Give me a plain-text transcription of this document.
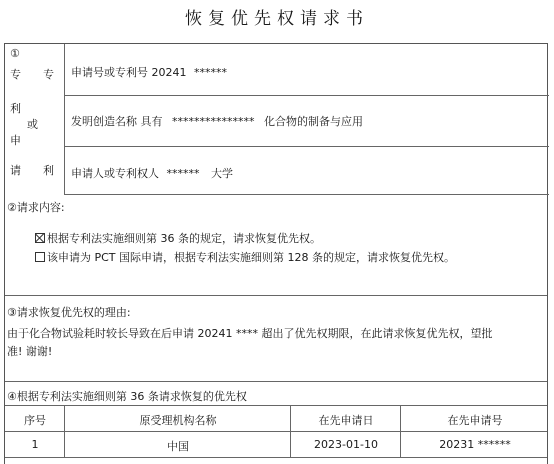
恢复优先权请求书
①
专 专
利
或
申
请 利
申请号或专利号 20241 ******
发明创造名称 具有 *************** 化合物的制备与应用
申请人或专利权人 ****** 大学
②请求内容:
根据专利法实施细则第 36 条的规定，请求恢复优先权。
该申请为 PCT 国际申请，根据专利法实施细则第 128 条的规定，请求恢复优先权。
③请求恢复优先权的理由:
由于化合物试验耗时较长导致在后申请 20241 **** 超出了优先权期限，在此请求恢复优先权，望批
准! 谢谢!
④根据专利法实施细则第 36 条请求恢复的优先权
序号	原受理机构名称	在先申请日	在先申请号
1	中国	2023-01-10	20231 ******
